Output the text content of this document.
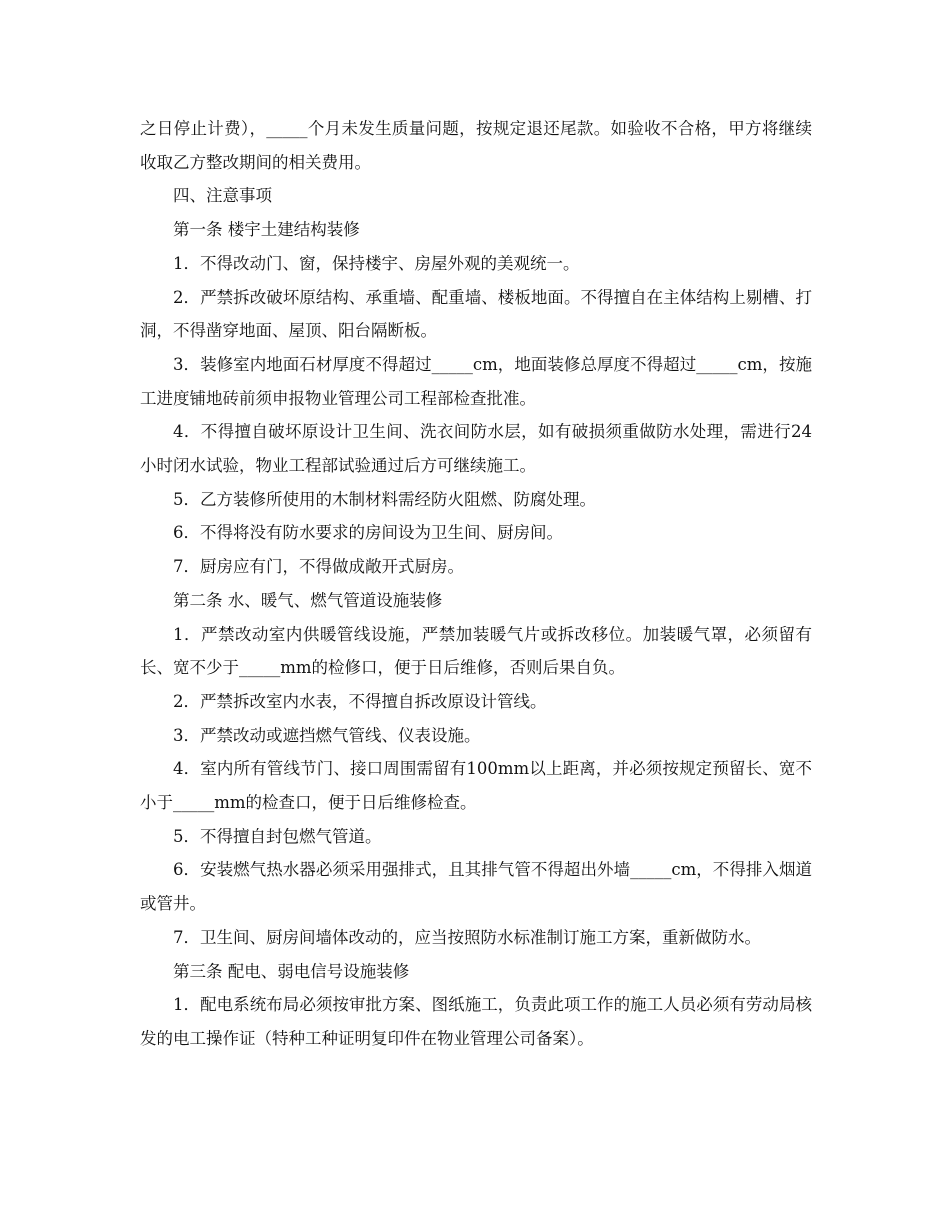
之日停止计费），_____个月未发生质量问题，按规定退还尾款。如验收不合格，甲方将继续收取乙方整改期间的相关费用。

四、注意事项

第一条 楼宇土建结构装修

1．不得改动门、窗，保持楼宇、房屋外观的美观统一。

2．严禁拆改破坏原结构、承重墙、配重墙、楼板地面。不得擅自在主体结构上剔槽、打洞，不得凿穿地面、屋顶、阳台隔断板。

3．装修室内地面石材厚度不得超过_____cm，地面装修总厚度不得超过_____cm，按施工进度铺地砖前须申报物业管理公司工程部检查批准。

4．不得擅自破坏原设计卫生间、洗衣间防水层，如有破损须重做防水处理，需进行24小时闭水试验，物业工程部试验通过后方可继续施工。

5．乙方装修所使用的木制材料需经防火阻燃、防腐处理。

6．不得将没有防水要求的房间设为卫生间、厨房间。

7．厨房应有门，不得做成敞开式厨房。

第二条 水、暖气、燃气管道设施装修

1．严禁改动室内供暖管线设施，严禁加装暖气片或拆改移位。加装暖气罩，必须留有长、宽不少于_____mm的检修口，便于日后维修，否则后果自负。

2．严禁拆改室内水表，不得擅自拆改原设计管线。

3．严禁改动或遮挡燃气管线、仪表设施。

4．室内所有管线节门、接口周围需留有100mm以上距离，并必须按规定预留长、宽不小于_____mm的检查口，便于日后维修检查。

5．不得擅自封包燃气管道。

6．安装燃气热水器必须采用强排式，且其排气管不得超出外墙_____cm，不得排入烟道或管井。

7．卫生间、厨房间墙体改动的，应当按照防水标准制订施工方案，重新做防水。

第三条 配电、弱电信号设施装修

1．配电系统布局必须按审批方案、图纸施工，负责此项工作的施工人员必须有劳动局核发的电工操作证（特种工种证明复印件在物业管理公司备案）。
